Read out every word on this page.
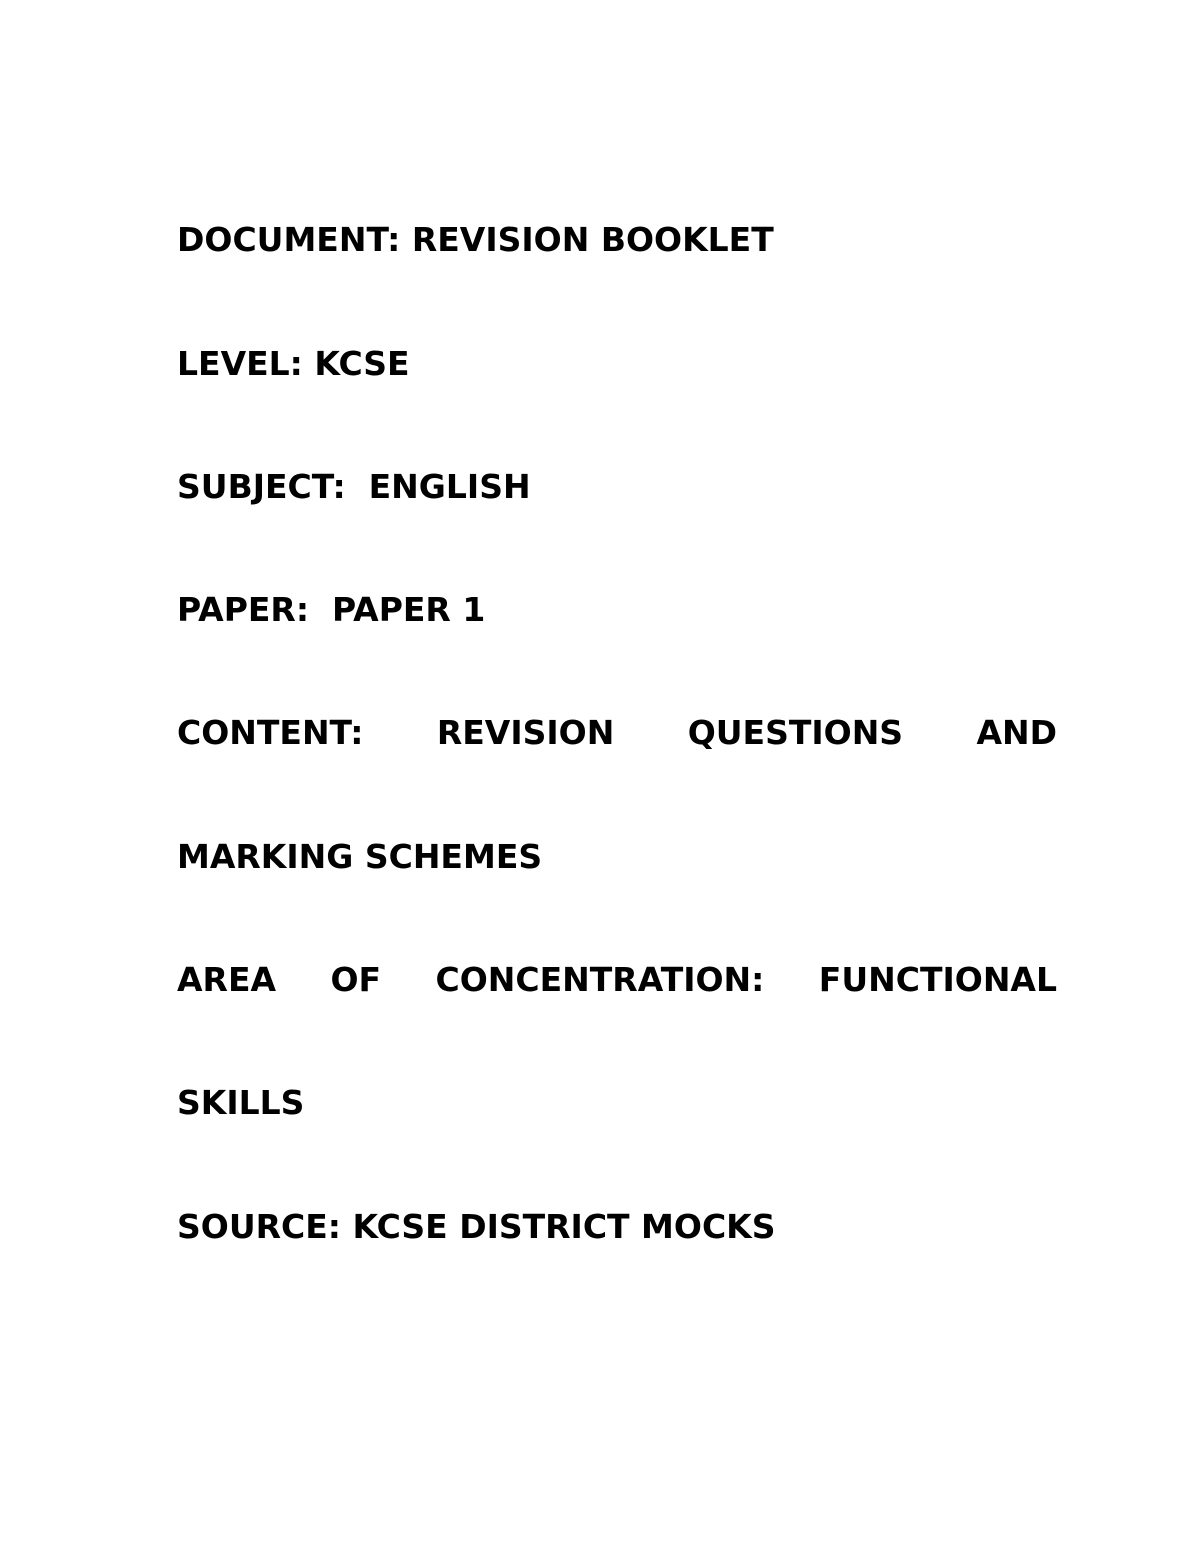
DOCUMENT: REVISION BOOKLET

LEVEL: KCSE

SUBJECT:  ENGLISH

PAPER:  PAPER 1

CONTENT: REVISION QUESTIONS AND

MARKING SCHEMES

AREA OF CONCENTRATION: FUNCTIONAL

SKILLS

SOURCE: KCSE DISTRICT MOCKS
